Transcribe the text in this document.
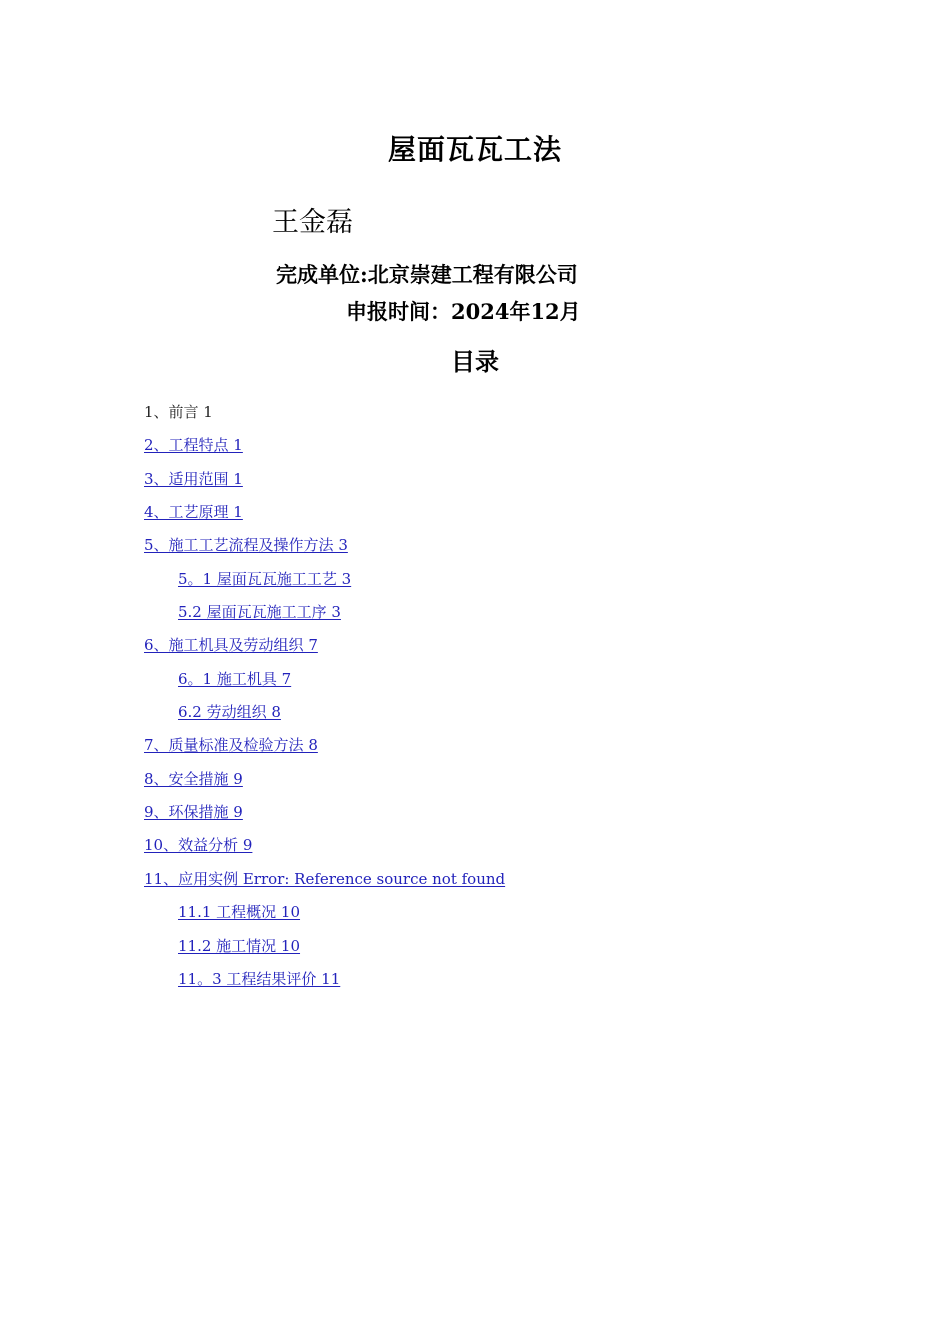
屋面瓦瓦工法
王金磊
完成单位:北京崇建工程有限公司
申报时间：2024年12月
目录
1、前言 1
2、工程特点 1
3、适用范围 1
4、工艺原理 1
5、施工工艺流程及操作方法 3
5。1 屋面瓦瓦施工工艺 3
5.2 屋面瓦瓦施工工序 3
6、施工机具及劳动组织 7
6。1 施工机具 7
6.2 劳动组织 8
7、质量标准及检验方法 8
8、安全措施 9
9、环保措施 9
10、效益分析 9
11、应用实例 Error: Reference source not found
11.1 工程概况 10
11.2 施工情况 10
11。3 工程结果评价 11
